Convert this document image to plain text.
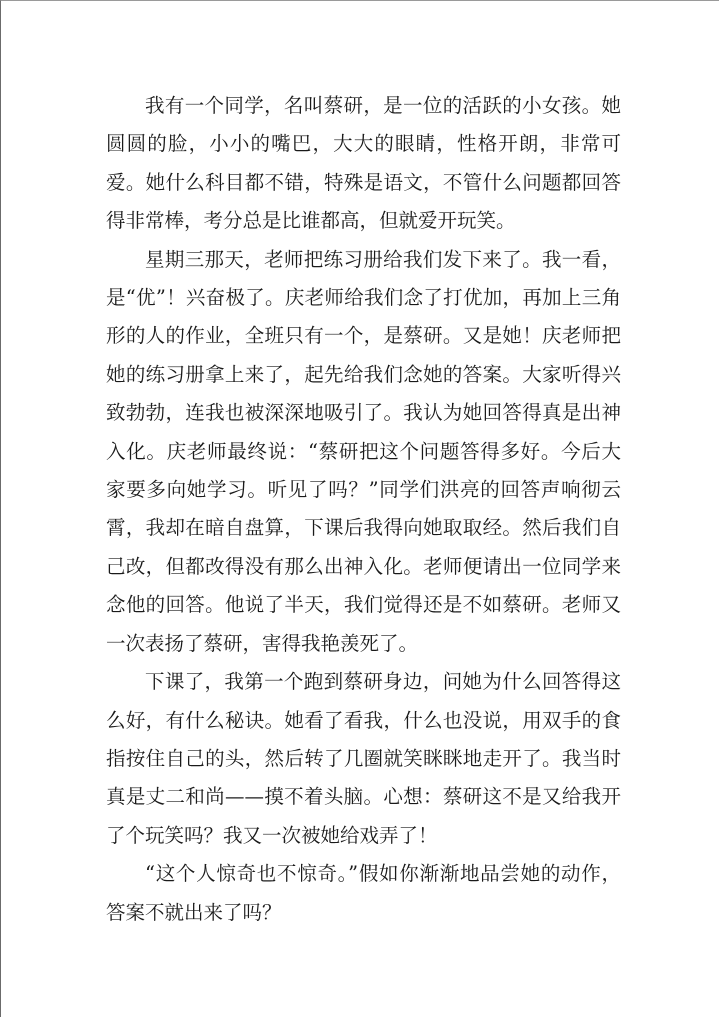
我有一个同学，名叫蔡研，是一位的活跃的小女孩。她圆圆的脸，小小的嘴巴，大大的眼睛，性格开朗，非常可爱。她什么科目都不错，特殊是语文，不管什么问题都回答得非常棒，考分总是比谁都高，但就爱开玩笑。

星期三那天，老师把练习册给我们发下来了。我一看，是“优”！兴奋极了。庆老师给我们念了打优加，再加上三角形的人的作业，全班只有一个，是蔡研。又是她！庆老师把她的练习册拿上来了，起先给我们念她的答案。大家听得兴致勃勃，连我也被深深地吸引了。我认为她回答得真是出神入化。庆老师最终说：“蔡研把这个问题答得多好。今后大家要多向她学习。听见了吗？”同学们洪亮的回答声响彻云霄，我却在暗自盘算，下课后我得向她取取经。然后我们自己改，但都改得没有那么出神入化。老师便请出一位同学来念他的回答。他说了半天，我们觉得还是不如蔡研。老师又一次表扬了蔡研，害得我艳羡死了。

下课了，我第一个跑到蔡研身边，问她为什么回答得这么好，有什么秘诀。她看了看我，什么也没说，用双手的食指按住自己的头，然后转了几圈就笑眯眯地走开了。我当时真是丈二和尚——摸不着头脑。心想：蔡研这不是又给我开了个玩笑吗？我又一次被她给戏弄了！

“这个人惊奇也不惊奇。”假如你渐渐地品尝她的动作，答案不就出来了吗？
